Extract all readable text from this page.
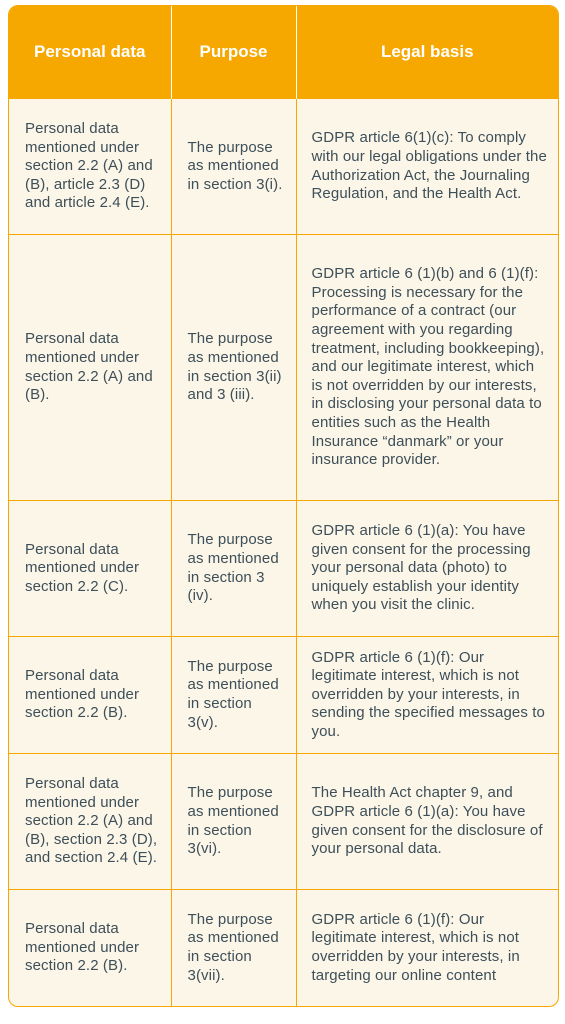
Personal data	Purpose	Legal basis
Personal data mentioned under section 2.2 (A) and (B), article 2.3 (D) and article 2.4 (E).	The purpose as mentioned in section 3(i).	GDPR article 6(1)(c): To comply with our legal obligations under the Authorization Act, the Journaling Regulation, and the Health Act.
Personal data mentioned under section 2.2 (A) and (B).	The purpose as mentioned in section 3(ii) and 3 (iii).	GDPR article 6 (1)(b) and 6 (1)(f): Processing is necessary for the performance of a contract (our agreement with you regarding treatment, including bookkeeping), and our legitimate interest, which is not overridden by our interests, in disclosing your personal data to entities such as the Health Insurance “danmark” or your insurance provider.
Personal data mentioned under section 2.2 (C).	The purpose as mentioned in section 3 (iv).	GDPR article 6 (1)(a): You have given consent for the processing your personal data (photo) to uniquely establish your identity when you visit the clinic.
Personal data mentioned under section 2.2 (B).	The purpose as mentioned in section 3(v).	GDPR article 6 (1)(f): Our legitimate interest, which is not overridden by your interests, in sending the specified messages to you.
Personal data mentioned under section 2.2 (A) and (B), section 2.3 (D), and section 2.4 (E).	The purpose as mentioned in section 3(vi).	The Health Act chapter 9, and GDPR article 6 (1)(a): You have given consent for the disclosure of your personal data.
Personal data mentioned under section 2.2 (B).	The purpose as mentioned in section 3(vii).	GDPR article 6 (1)(f): Our legitimate interest, which is not overridden by your interests, in targeting our online content
